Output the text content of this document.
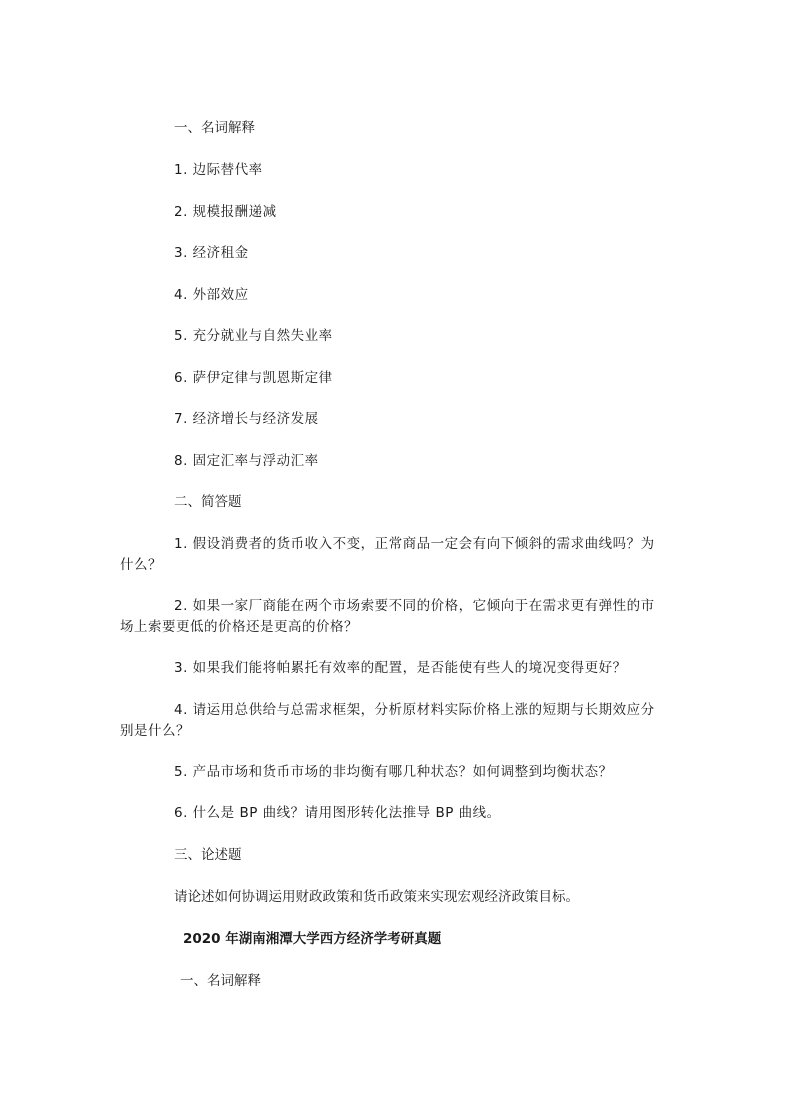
一、名词解释
1. 边际替代率
2. 规模报酬递减
3. 经济租金
4. 外部效应
5. 充分就业与自然失业率
6. 萨伊定律与凯恩斯定律
7. 经济增长与经济发展
8. 固定汇率与浮动汇率
二、简答题
1. 假设消费者的货币收入不变，正常商品一定会有向下倾斜的需求曲线吗？为什么？
2. 如果一家厂商能在两个市场索要不同的价格，它倾向于在需求更有弹性的市场上索要更低的价格还是更高的价格？
3. 如果我们能将帕累托有效率的配置，是否能使有些人的境况变得更好？
4. 请运用总供给与总需求框架，分析原材料实际价格上涨的短期与长期效应分别是什么？
5. 产品市场和货币市场的非均衡有哪几种状态？如何调整到均衡状态？
6. 什么是 BP 曲线？请用图形转化法推导 BP 曲线。
三、论述题
请论述如何协调运用财政政策和货币政策来实现宏观经济政策目标。
2020 年湖南湘潭大学西方经济学考研真题
一、名词解释
